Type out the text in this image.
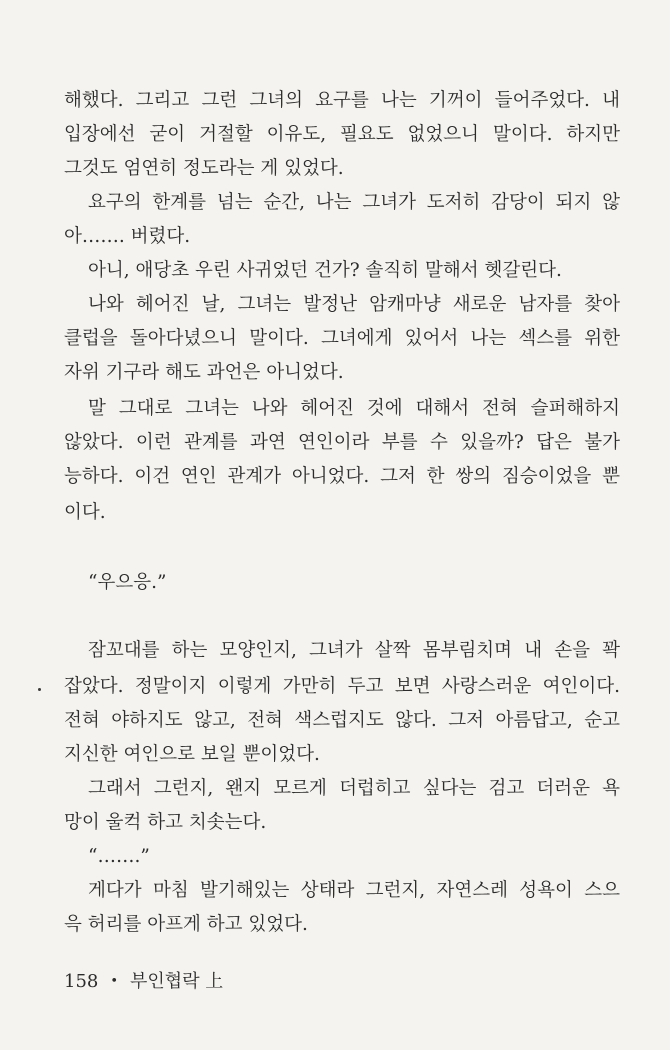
해했다. 그리고 그런 그녀의 요구를 나는 기꺼이 들어주었다. 내
입장에선 굳이 거절할 이유도, 필요도 없었으니 말이다. 하지만
그것도 엄연히 정도라는 게 있었다.
요구의 한계를 넘는 순간, 나는 그녀가 도저히 감당이 되지 않
아……. 버렸다.
아니, 애당초 우린 사귀었던 건가? 솔직히 말해서 헷갈린다.
나와 헤어진 날, 그녀는 발정난 암캐마냥 새로운 남자를 찾아
클럽을 돌아다녔으니 말이다. 그녀에게 있어서 나는 섹스를 위한
자위 기구라 해도 과언은 아니었다.
말 그대로 그녀는 나와 헤어진 것에 대해서 전혀 슬퍼해하지
않았다. 이런 관계를 과연 연인이라 부를 수 있을까? 답은 불가
능하다. 이건 연인 관계가 아니었다. 그저 한 쌍의 짐승이었을 뿐
이다.
“우으응.”
잠꼬대를 하는 모양인지, 그녀가 살짝 몸부림치며 내 손을 꽉
잡았다. 정말이지 이렇게 가만히 두고 보면 사랑스러운 여인이다.
전혀 야하지도 않고, 전혀 색스럽지도 않다. 그저 아름답고, 순고
지신한 여인으로 보일 뿐이었다.
그래서 그런지, 왠지 모르게 더럽히고 싶다는 검고 더러운 욕
망이 울컥 하고 치솟는다.
“…….”
게다가 마침 발기해있는 상태라 그런지, 자연스레 성욕이 스으
윽 허리를 아프게 하고 있었다.
158 • 부인협락 上
